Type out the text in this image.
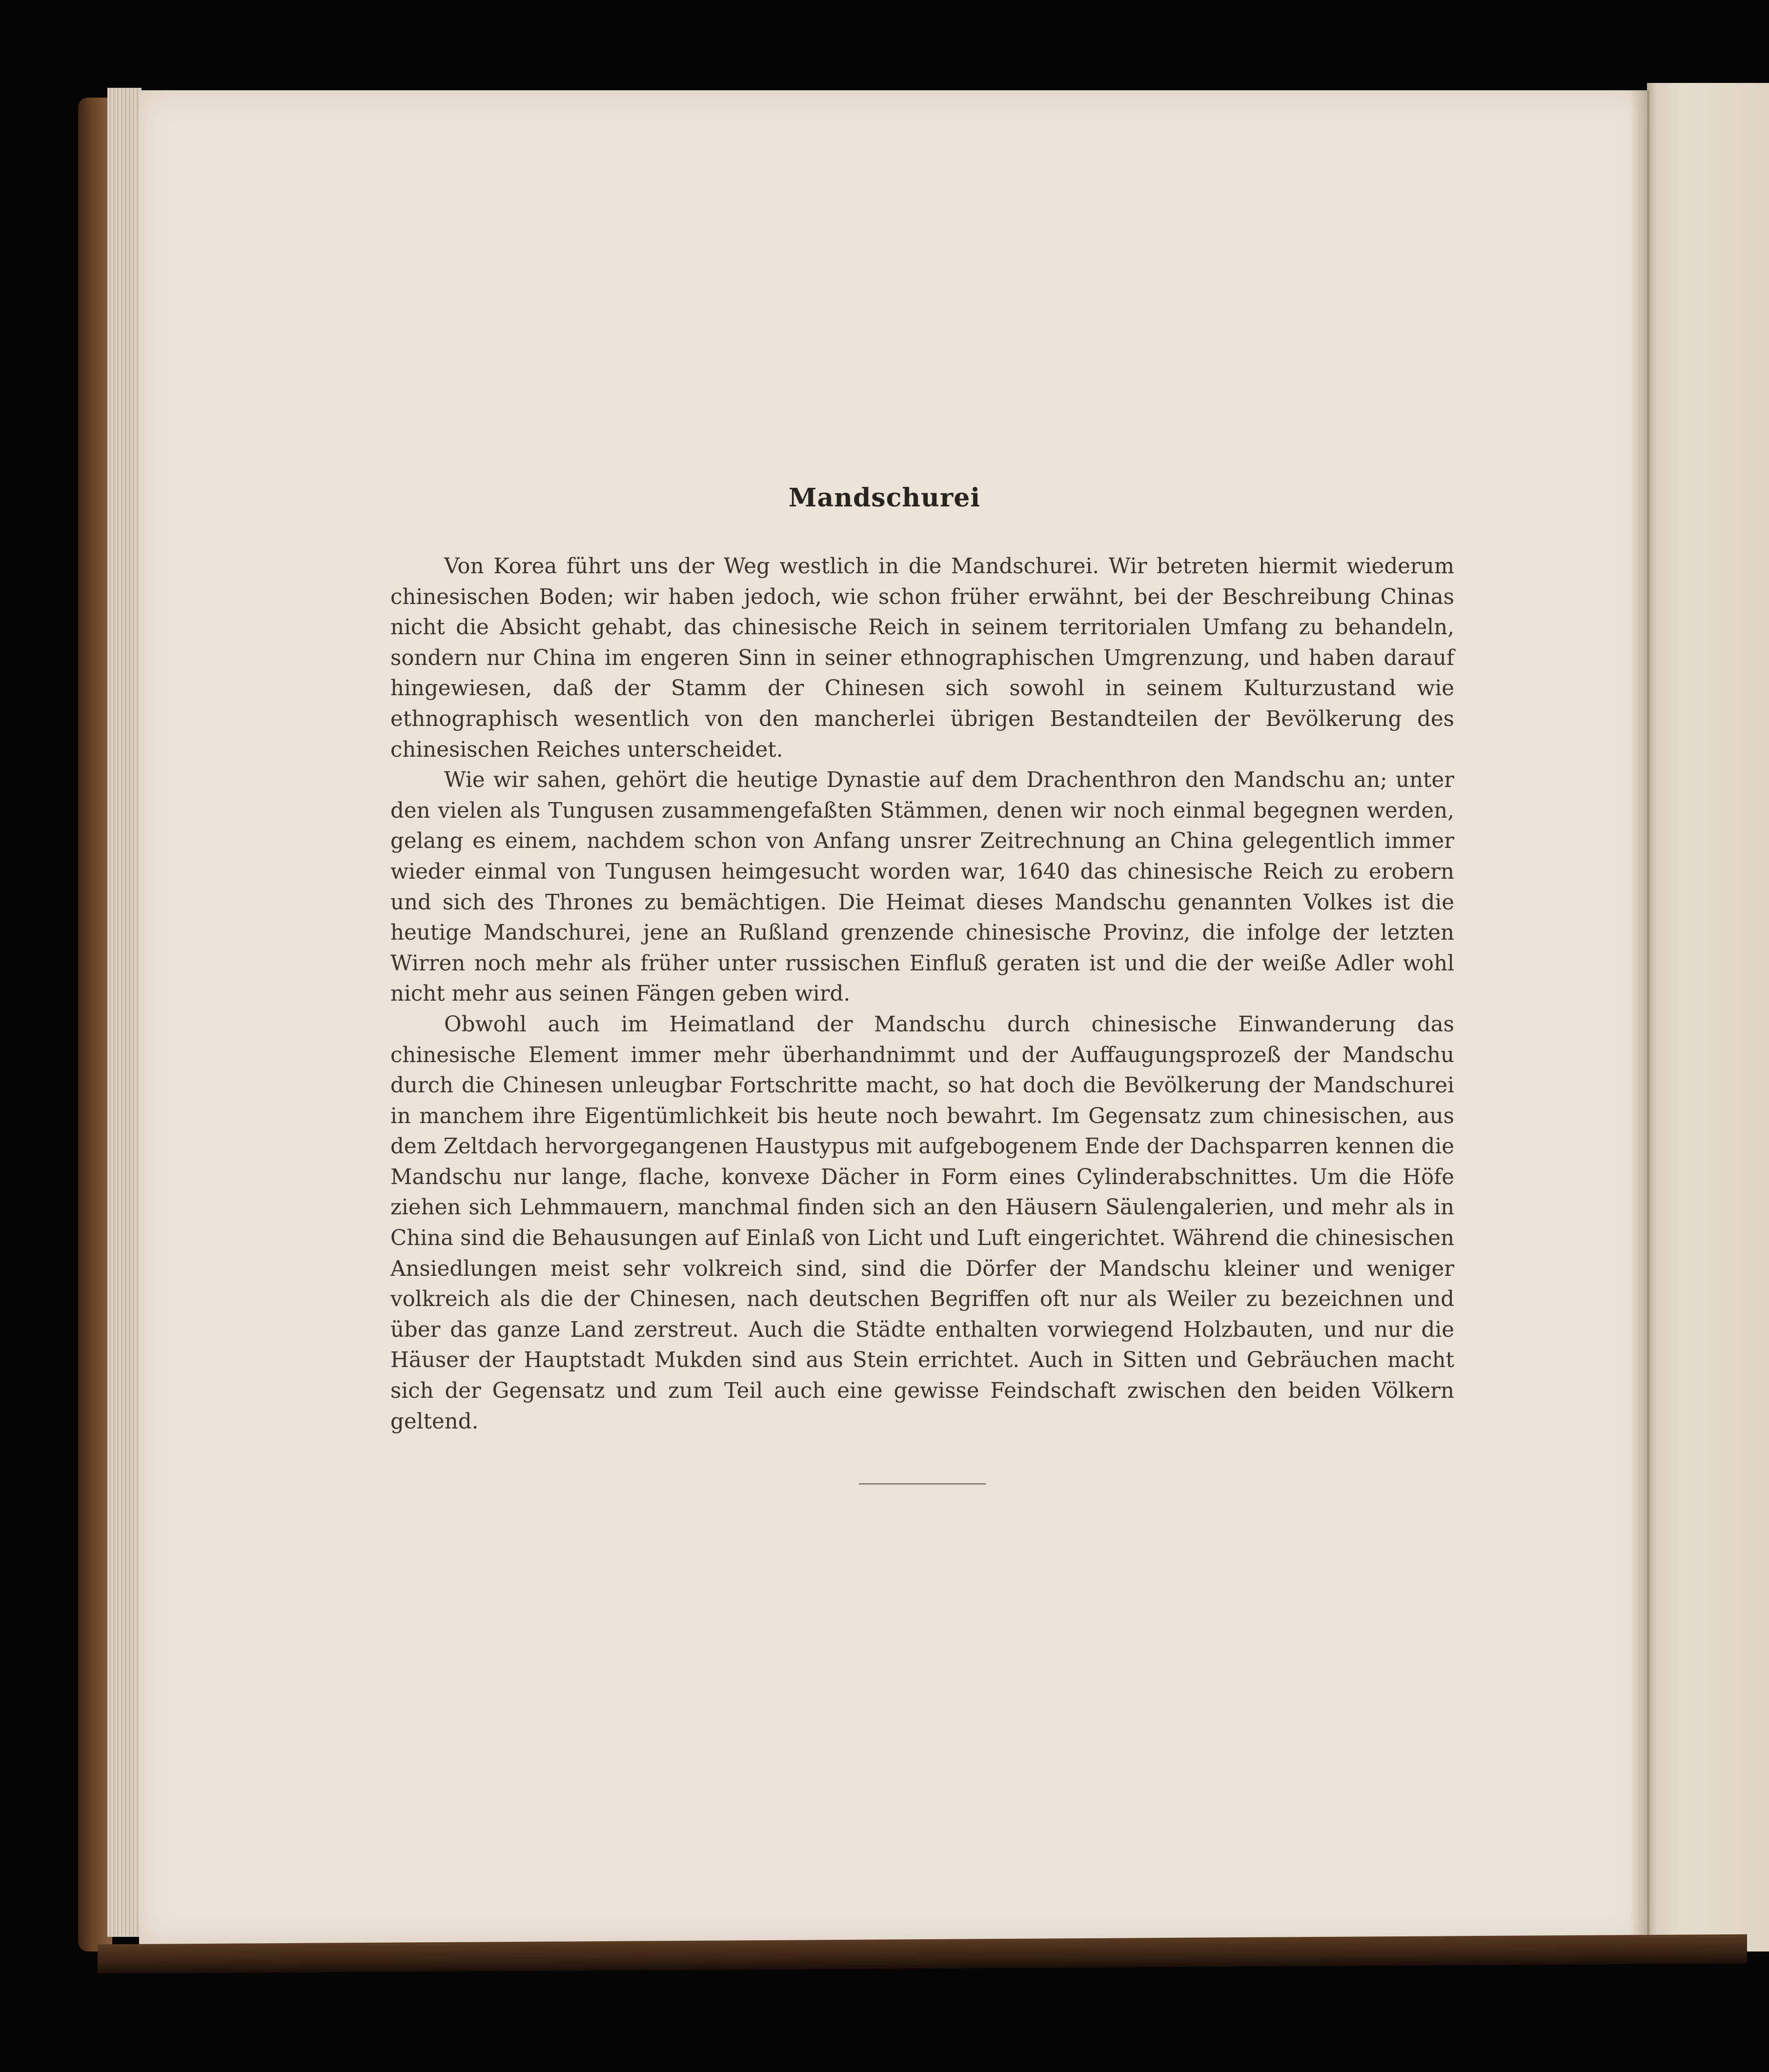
Mandschurei

Von Korea führt uns der Weg westlich in die Mandschurei. Wir betreten hiermit wiederum chinesischen Boden; wir haben jedoch, wie schon früher erwähnt, bei der Beschreibung Chinas nicht die Absicht gehabt, das chinesische Reich in seinem territorialen Umfang zu behandeln, sondern nur China im engeren Sinn in seiner ethnographischen Umgrenzung, und haben darauf hingewiesen, daß der Stamm der Chinesen sich sowohl in seinem Kulturzustand wie ethnographisch wesentlich von den mancherlei übrigen Bestandteilen der Bevölkerung des chinesischen Reiches unterscheidet.

Wie wir sahen, gehört die heutige Dynastie auf dem Drachenthron den Mandschu an; unter den vielen als Tungusen zusammengefaßten Stämmen, denen wir noch einmal begegnen werden, gelang es einem, nachdem schon von Anfang unsrer Zeitrechnung an China gelegentlich immer wieder einmal von Tungusen heimgesucht worden war, 1640 das chinesische Reich zu erobern und sich des Thrones zu bemächtigen. Die Heimat dieses Mandschu genannten Volkes ist die heutige Mandschurei, jene an Rußland grenzende chinesische Provinz, die infolge der letzten Wirren noch mehr als früher unter russischen Einfluß geraten ist und die der weiße Adler wohl nicht mehr aus seinen Fängen geben wird.

Obwohl auch im Heimatland der Mandschu durch chinesische Einwanderung das chinesische Element immer mehr überhandnimmt und der Auffaugungsprozeß der Mandschu durch die Chinesen unleugbar Fortschritte macht, so hat doch die Bevölkerung der Mandschurei in manchem ihre Eigentümlichkeit bis heute noch bewahrt. Im Gegensatz zum chinesischen, aus dem Zeltdach hervorgegangenen Haustypus mit aufgebogenem Ende der Dachsparren kennen die Mandschu nur lange, flache, konvexe Dächer in Form eines Cylinderabschnittes. Um die Höfe ziehen sich Lehmmauern, manchmal finden sich an den Häusern Säulengalerien, und mehr als in China sind die Behausungen auf Einlaß von Licht und Luft eingerichtet. Während die chinesischen Ansiedlungen meist sehr volkreich sind, sind die Dörfer der Mandschu kleiner und weniger volkreich als die der Chinesen, nach deutschen Begriffen oft nur als Weiler zu bezeichnen und über das ganze Land zerstreut. Auch die Städte enthalten vorwiegend Holzbauten, und nur die Häuser der Hauptstadt Mukden sind aus Stein errichtet. Auch in Sitten und Gebräuchen macht sich der Gegensatz und zum Teil auch eine gewisse Feindschaft zwischen den beiden Völkern geltend.
